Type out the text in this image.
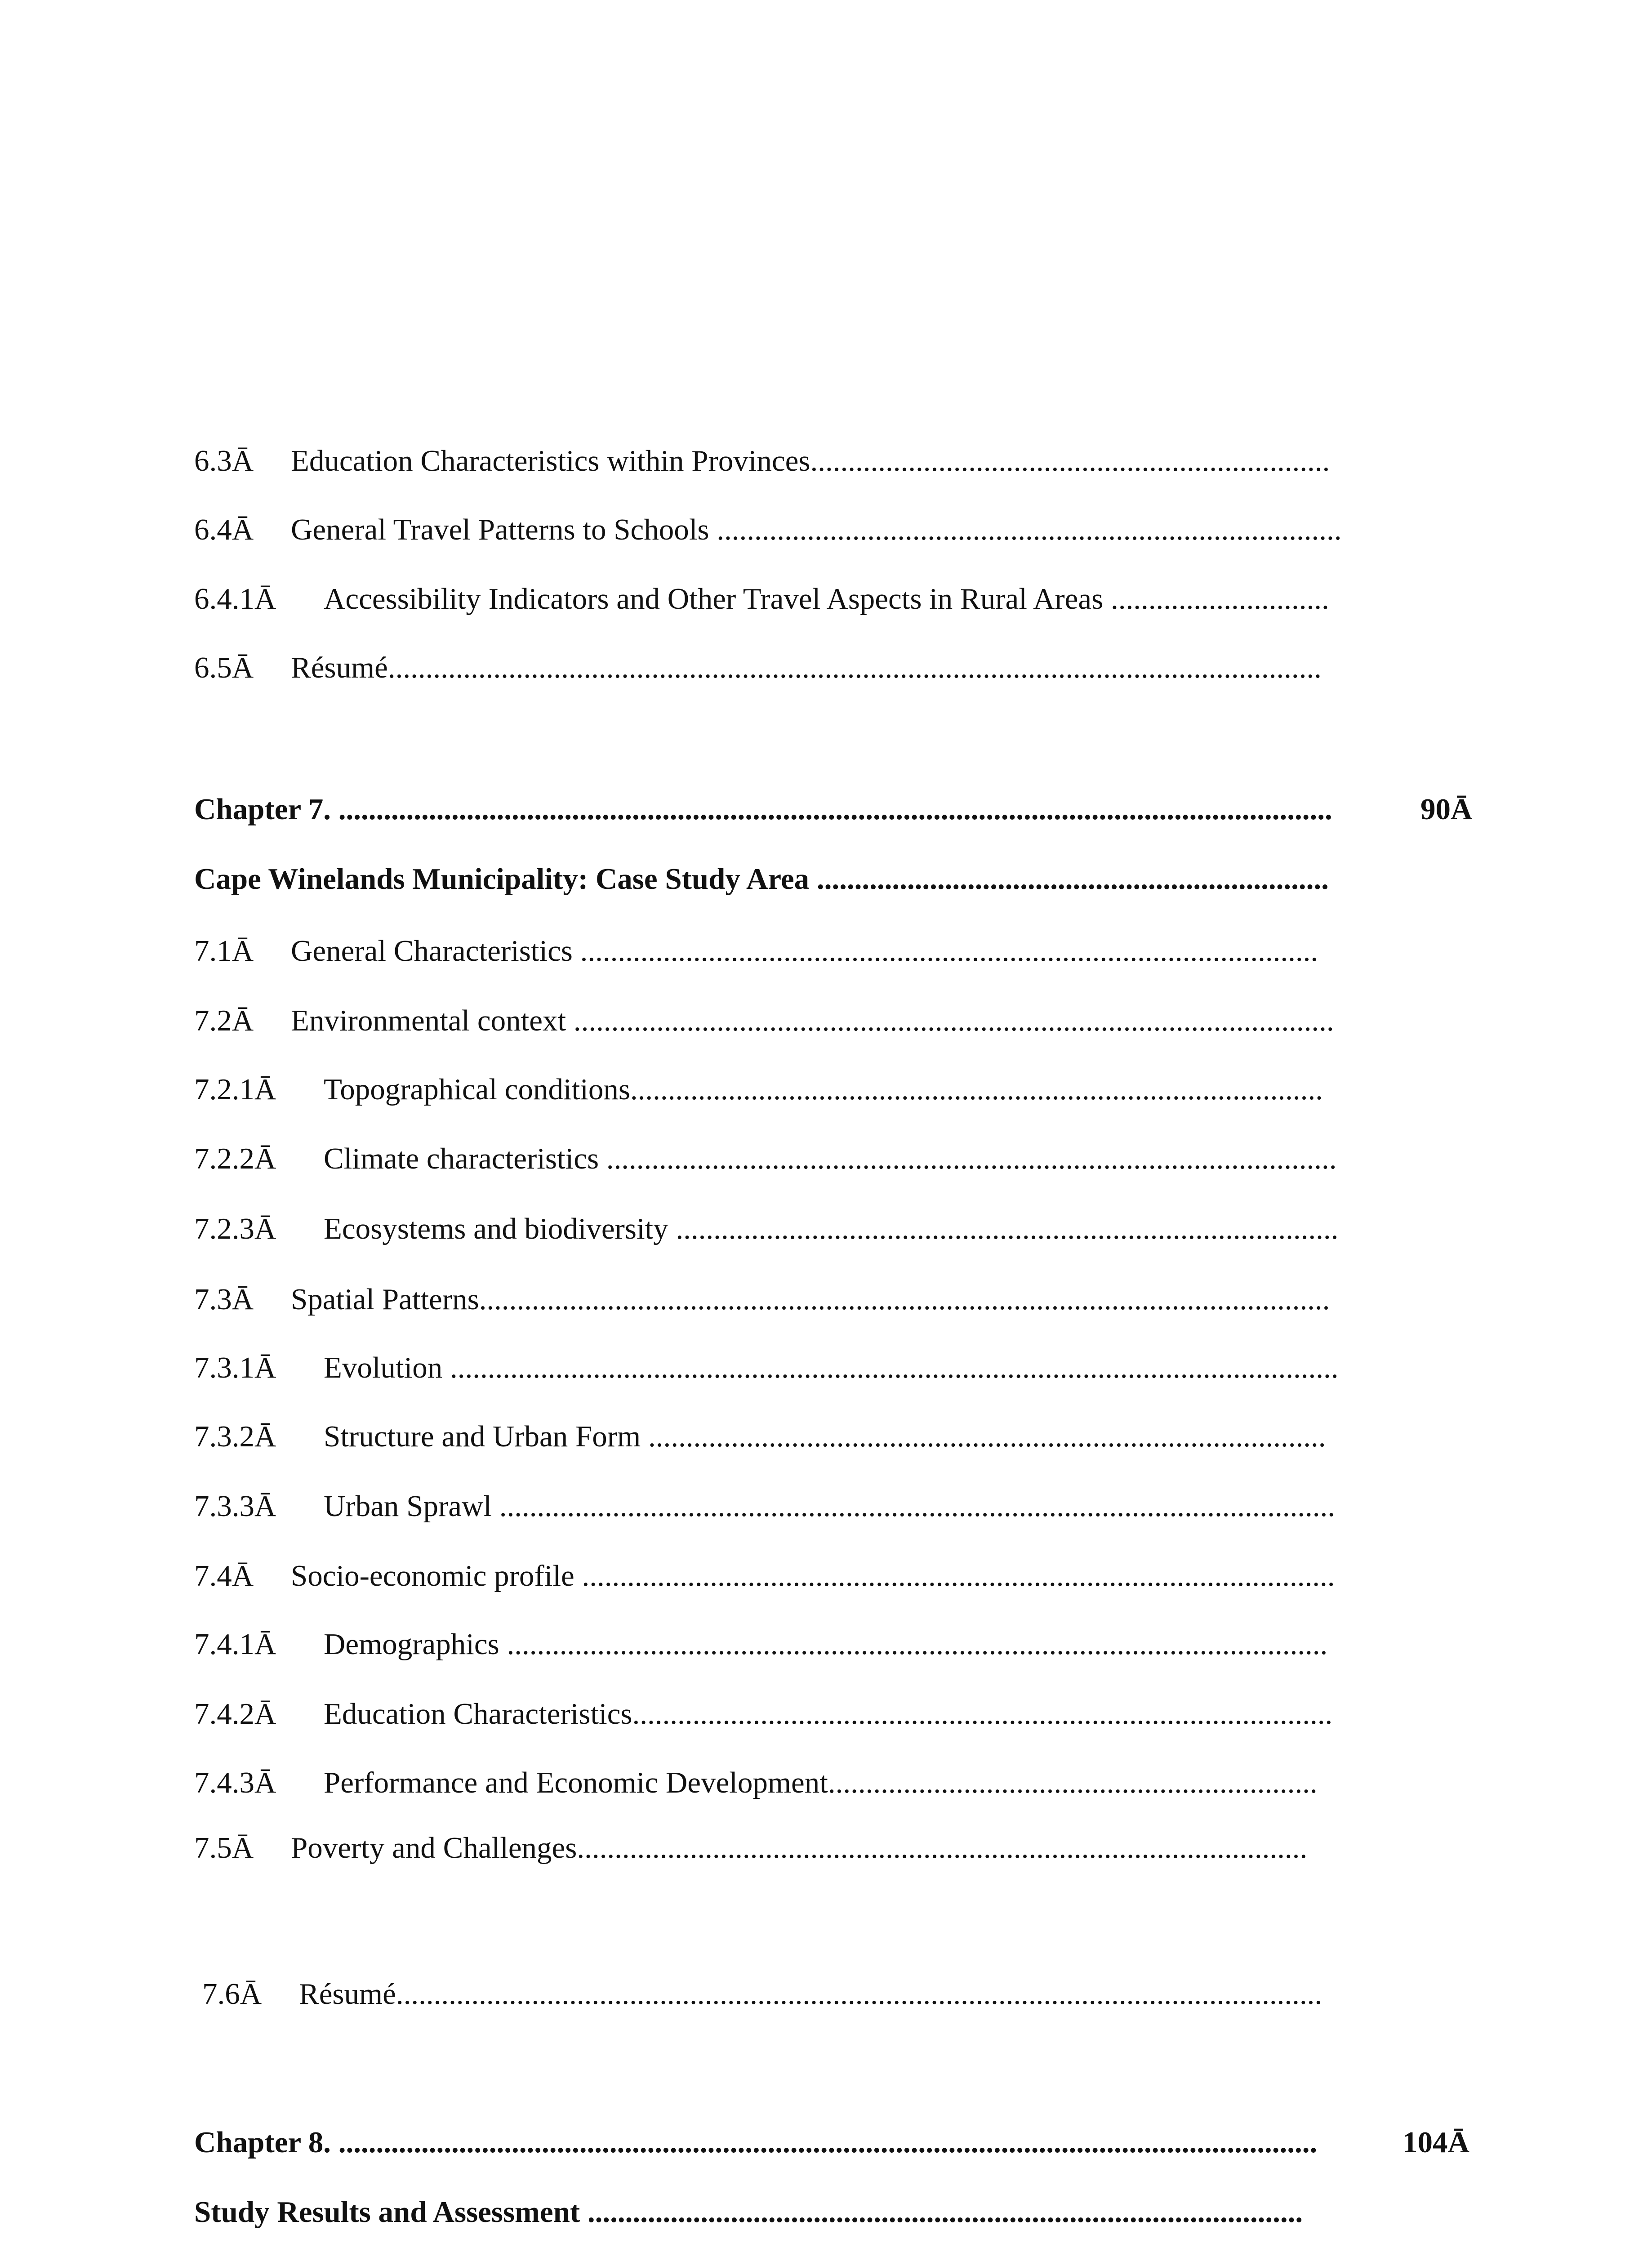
6.3Ā Education Characteristics within Provinces.....................................................................
6.4Ā General Travel Patterns to Schools ...................................................................................
6.4.1Ā Accessibility Indicators and Other Travel Aspects in Rural Areas .............................
6.5Ā Résumé............................................................................................................................
Chapter 7. ....................................................................................................................................	90Ā
Cape Winelands Municipality: Case Study Area ....................................................................
7.1Ā General Characteristics ..................................................................................................
7.2Ā Environmental context .....................................................................................................
7.2.1Ā Topographical conditions............................................................................................
7.2.2Ā Climate characteristics .................................................................................................
7.2.3Ā Ecosystems and biodiversity ........................................................................................
7.3Ā Spatial Patterns.................................................................................................................
7.3.1Ā Evolution ......................................................................................................................
7.3.2Ā Structure and Urban Form ..........................................................................................
7.3.3Ā Urban Sprawl ...............................................................................................................
7.4Ā Socio-economic profile ....................................................................................................
7.4.1Ā Demographics .............................................................................................................
7.4.2Ā Education Characteristics.............................................................................................
7.4.3Ā Performance and Economic Development.................................................................
7.5Ā Poverty and Challenges.................................................................................................
7.6Ā Résumé...........................................................................................................................
Chapter 8. ..................................................................................................................................	104Ā
Study Results and Assessment ...............................................................................................
